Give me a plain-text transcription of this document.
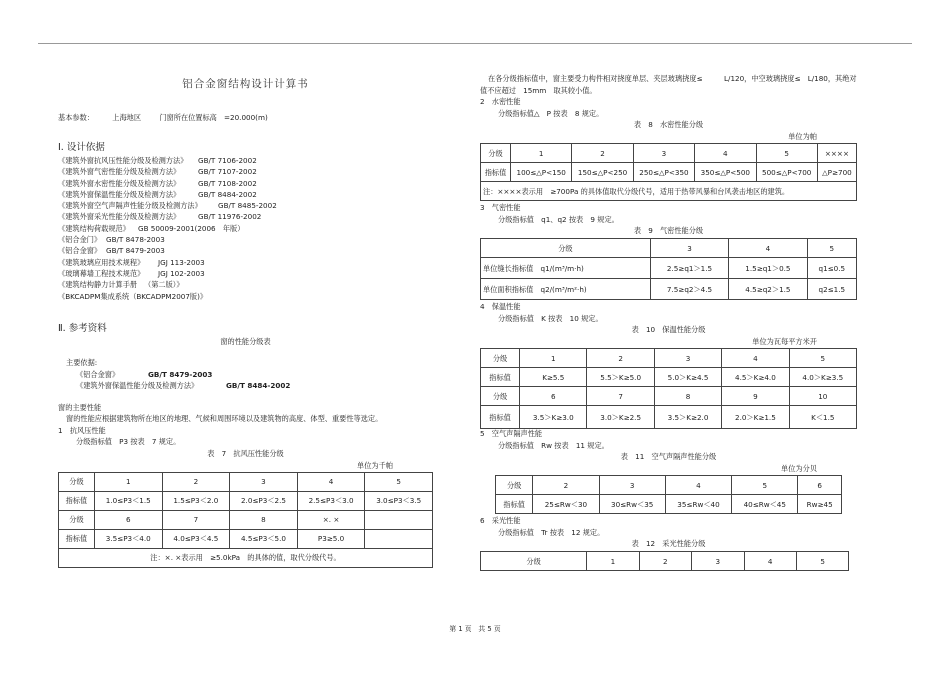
铝合金窗结构设计计算书
基本参数：	上海地区	门窗所在位置标高　=20.000(m)
Ⅰ. 设计依据
《建筑外窗抗风压性能分级及检测方法》 GB/T 7106-2002
《建筑外窗气密性能分级及检测方法》 GB/T 7107-2002
《建筑外窗水密性能分级及检测方法》 GB/T 7108-2002
《建筑外窗保温性能分级及检测方法》 GB/T 8484-2002
《建筑外窗空气声隔声性能分级及检测方法》 GB/T 8485-2002
《建筑外窗采光性能分级及检测方法》 GB/T 11976-2002
《建筑结构荷载规范》 GB 50009-2001(2006　年版）
《铝合金门》 GB/T 8478-2003
《铝合金窗》 GB/T 8479-2003
《建筑玻璃应用技术规程》 JGJ 113-2003
《玻璃幕墙工程技术规范》 JGJ 102-2003
《建筑结构静力计算手册 （第二版）》
《BKCADPM集成系统（BKCADPM2007版)》
Ⅱ. 参考资料
窗的性能分级表
主要依据:
《铝合金窗》	GB/T 8479-2003
《建筑外窗保温性能分级及检测方法》	GB/T 8484-2002
窗的主要性能
窗的性能应根据建筑物所在地区的地理、气候和周围环境以及建筑物的高度、体型、重要性等选定。
1　抗风压性能
分级指标值　P3 按表　7 规定。
表　7　抗风压性能分级
单位为千帕
分级	1	2	3	4	5
指标值	1.0≤P3＜1.5	1.5≤P3＜2.0	2.0≤P3＜2.5	2.5≤P3＜3.0	3.0≤P3＜3.5
分级	6	7	8	×. ×	
指标值	3.5≤P3＜4.0	4.0≤P3＜4.5	4.5≤P3＜5.0	P3≥5.0	
注：×. ×表示用　≥5.0kPa　的具体的值，取代分级代号。					
在各分级指标值中，窗主要受力构件相对挠度单层、夹层玻璃挠度≤　　　L/120，中空玻璃挠度≤　L/180，其绝对
值不应超过　15mm　取其较小值。
2　水密性能
分级指标值△　P 按表　8 规定。
表　8　水密性能分级
单位为帕
分级	1	2	3	4	5	××××
指标值	100≤△P<150	150≤△P<250	250≤△P<350	350≤△P<500	500≤△P<700	△P≥700
注：××××表示用　≥700Pa 的具体值取代分级代号，适用于热带风暴和台风袭击地区的建筑。						
3　气密性能
分级指标值　q1、q2 按表　9 规定。
表　9　气密性能分级
分级	3	4	5
单位缝长指标值　q1/(m³/m·h)	2.5≥q1＞1.5	1.5≥q1＞0.5	q1≤0.5
单位面积指标值　q2/(m³/m²·h)	7.5≥q2＞4.5	4.5≥q2＞1.5	q2≤1.5
4　保温性能
分级指标值　K 按表　10 规定。
表　10　保温性能分级
单位为瓦每平方米开
分级	1	2	3	4	5
指标值	K≥5.5	5.5＞K≥5.0	5.0＞K≥4.5	4.5＞K≥4.0	4.0＞K≥3.5
分级	6	7	8	9	10
指标值	3.5＞K≥3.0	3.0＞K≥2.5	3.5＞K≥2.0	2.0＞K≥1.5	K＜1.5
5　空气声隔声性能
分级指标值　Rw 按表　11 规定。
表　11　空气声隔声性能分级
单位为分贝
分级	2	3	4	5	6
指标值	25≤Rw＜30	30≤Rw＜35	35≤Rw＜40	40≤Rw＜45	Rw≥45
6　采光性能
分级指标值　Tr 按表　12 规定。
表　12　采光性能分级
分级	1	2	3	4	5
第 1 页　共 5 页
